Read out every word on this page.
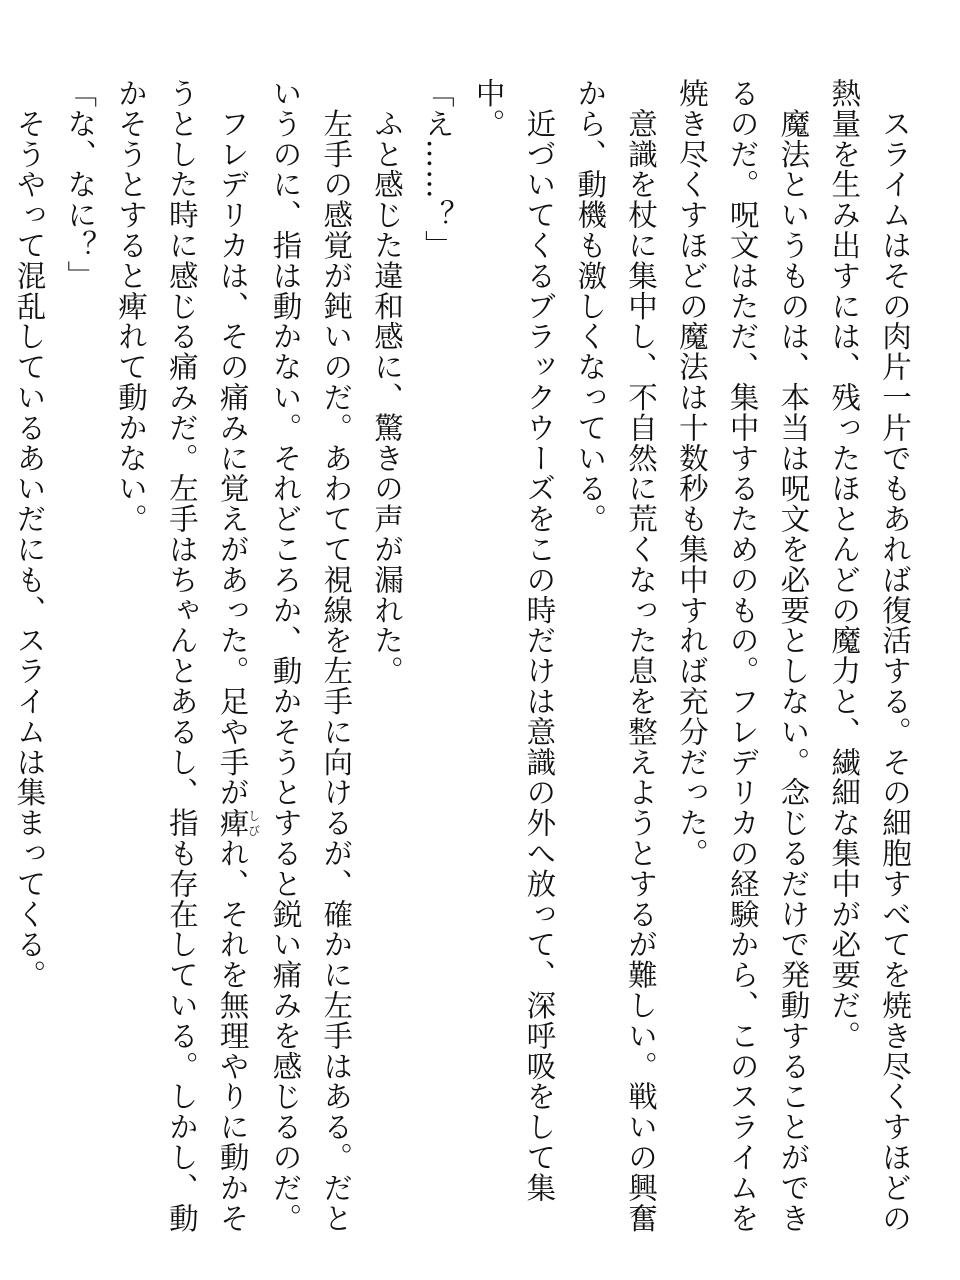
　スライムはその肉片一片でもあれば復活する。その細胞すべてを焼き尽くすほどの熱量を生み出すには、残ったほとんどの魔力と、繊細な集中が必要だ。

　魔法というものは、本当は呪文を必要としない。念じるだけで発動することができるのだ。呪文はただ、集中するためのもの。フレデリカの経験から、このスライムを焼き尽くすほどの魔法は十数秒も集中すれば充分だった。

　意識を杖に集中し、不自然に荒くなった息を整えようとするが難しい。戦いの興奮から、動機も激しくなっている。

　近づいてくるブラックウーズをこの時だけは意識の外へ放って、深呼吸をして集中。

「え……？」

　ふと感じた違和感に、驚きの声が漏れた。

　左手の感覚が鈍いのだ。あわてて視線を左手に向けるが、確かに左手はある。だというのに、指は動かない。それどころか、動かそうとすると鋭い痛みを感じるのだ。

　フレデリカは、その痛みに覚えがあった。足や手が痺しびれ、それを無理やりに動かそうとした時に感じる痛みだ。左手はちゃんとあるし、指も存在している。しかし、動かそうとすると痺れて動かない。

「な、なに？」

　そうやって混乱しているあいだにも、スライムは集まってくる。
